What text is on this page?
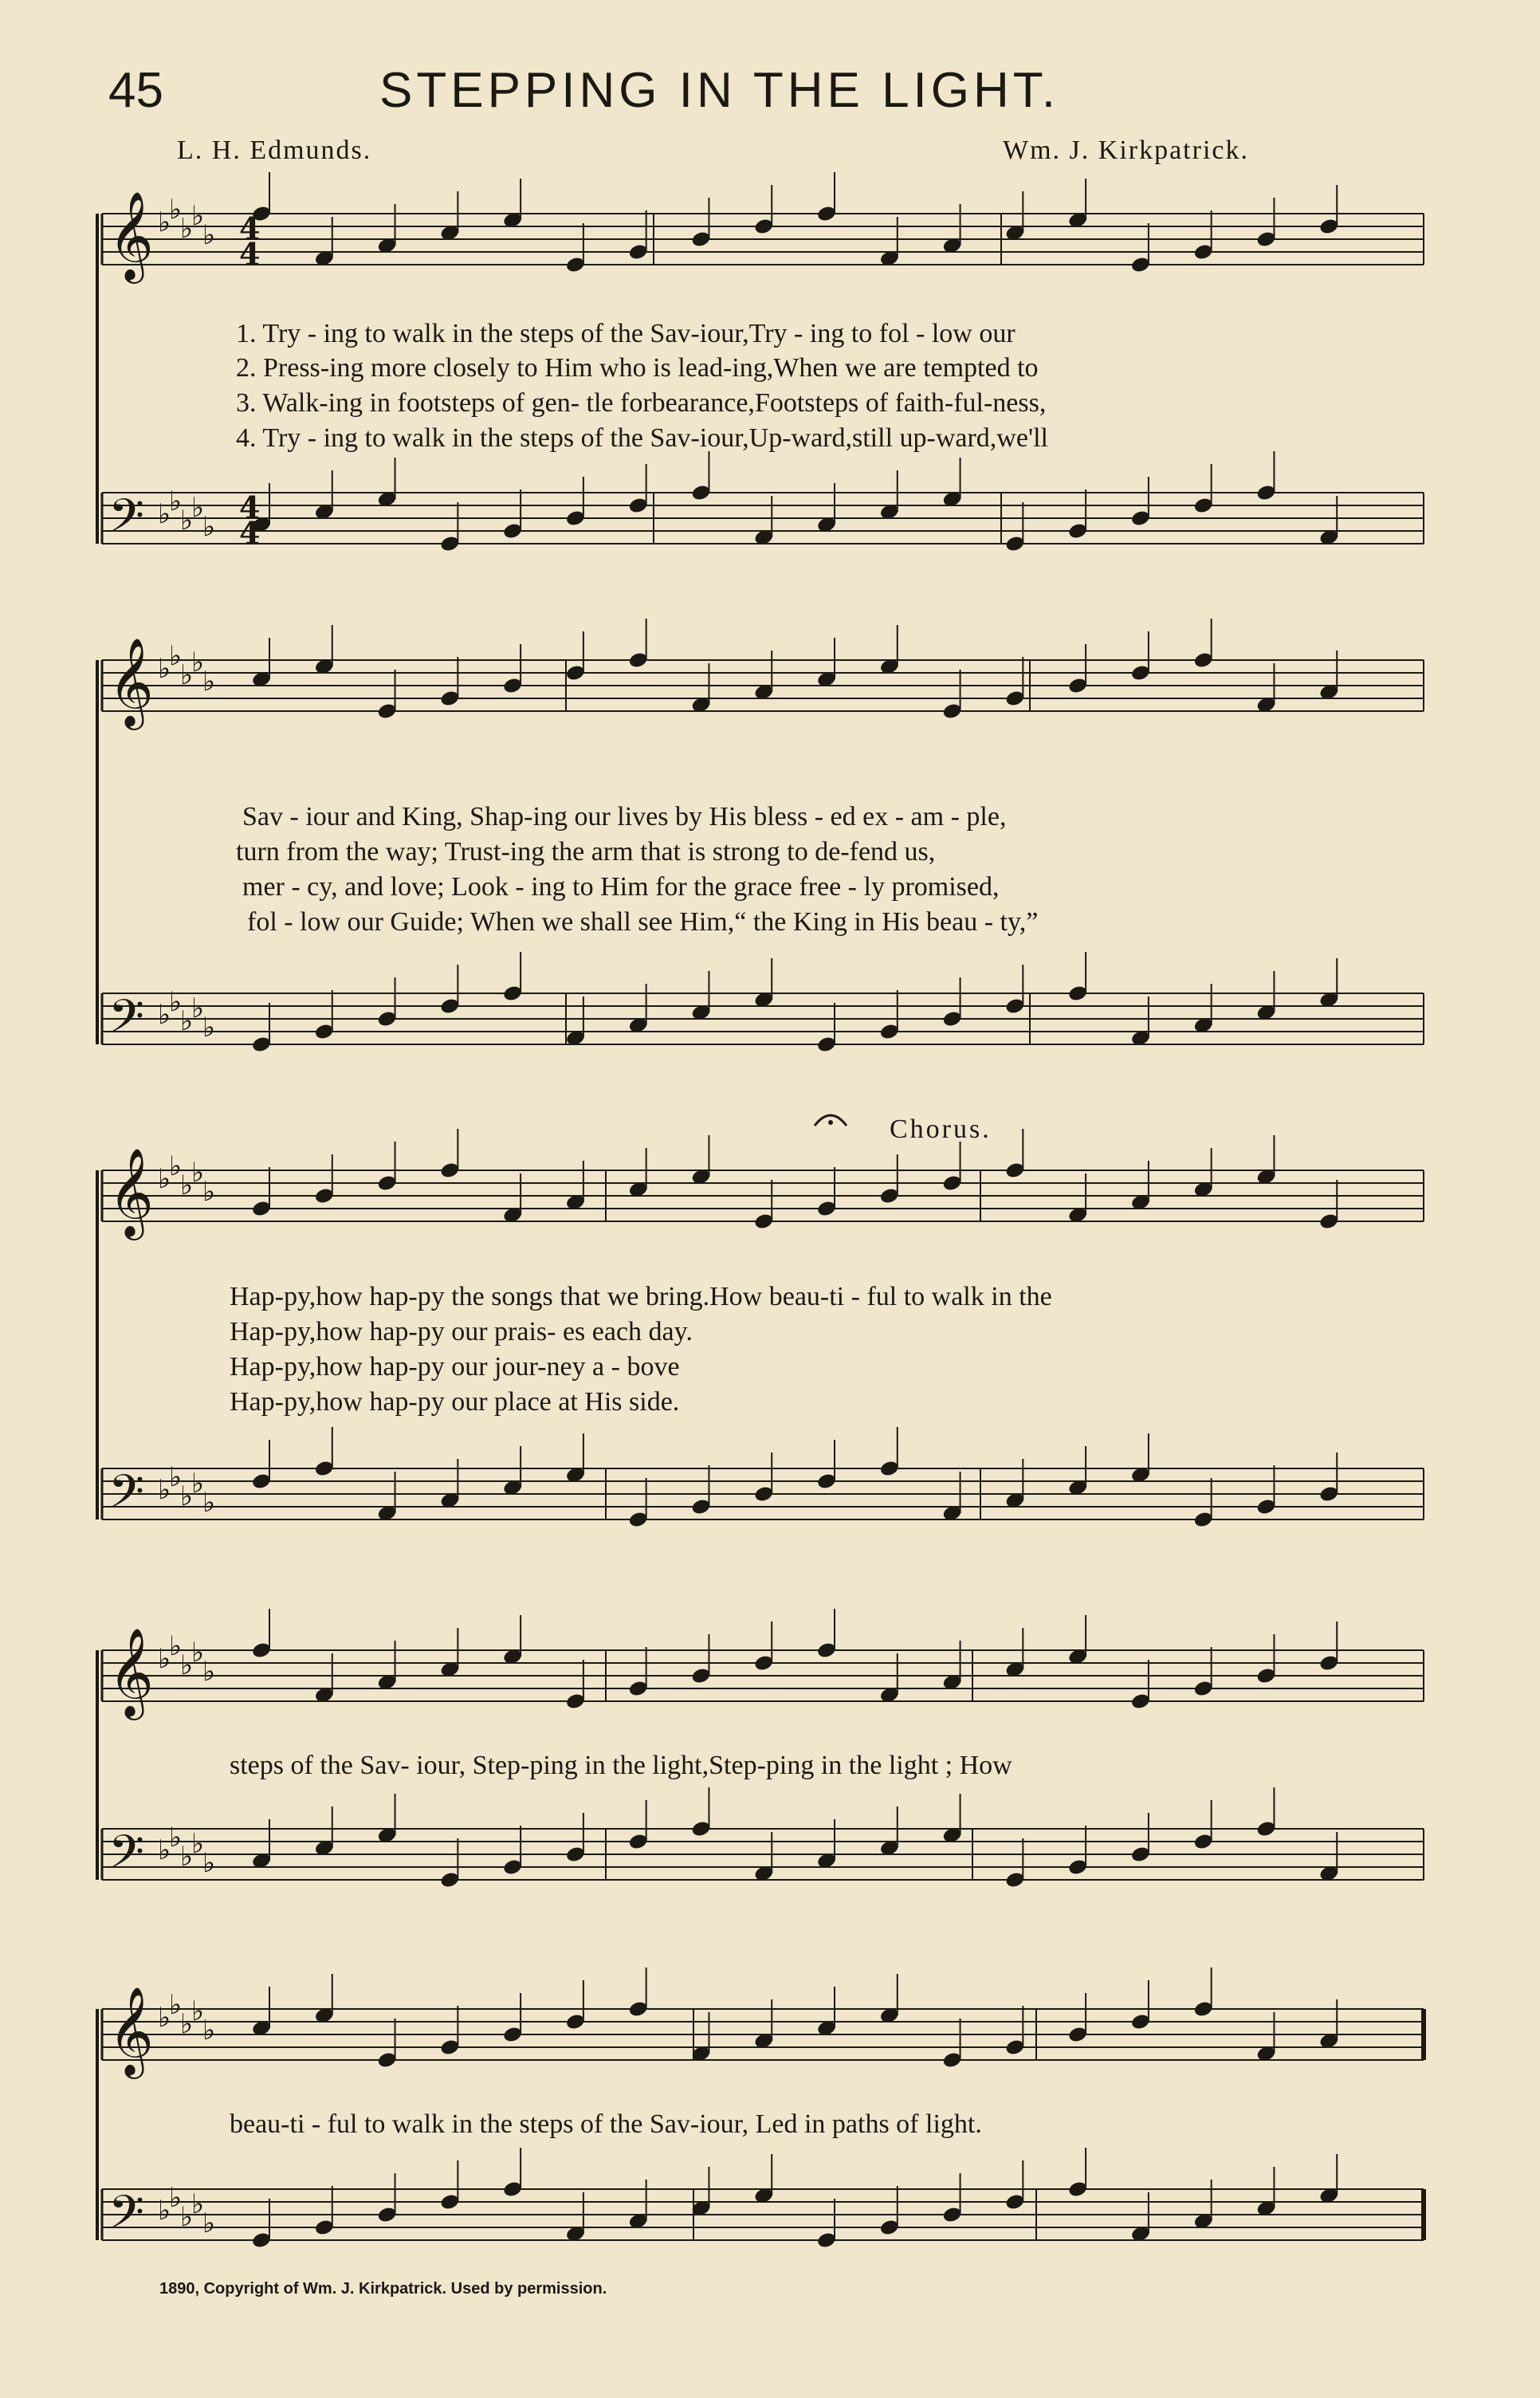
45	STEPPING IN THE LIGHT.
L. H. Edmunds.	Wm. J. Kirkpatrick.
Chorus.
𝄞 ♭
♭
♭
♭
♭
𝄢 ♭
♭
♭
♭
♭
𝄞 ♭
♭
♭
♭
♭
𝄢 ♭
♭
♭
♭
♭
𝄞 ♭
♭
♭
♭
♭
𝄢 ♭
♭
♭
♭
♭
𝄞 ♭
♭
♭
♭
♭
𝄢 ♭
♭
♭
♭
♭
𝄞 ♭
♭
♭
♭
♭
𝄢 ♭
♭
♭
♭
♭
4
4
4
4
1. Try - ing to walk in the steps of the Sav-iour,Try - ing to fol - low our
2. Press-ing more closely to Him who is lead-ing,When we are tempted to
3. Walk-ing in footsteps of gen- tle forbearance,Footsteps of faith-ful-ness,
4. Try - ing to walk in the steps of the Sav-iour,Up-ward,still up-ward,we'll
Sav - iour and King, Shap-ing our lives by His bless - ed ex - am - ple,
turn from the way; Trust-ing the arm that is strong to de-fend us,
mer - cy, and love; Look - ing to Him for the grace free - ly promised,
fol - low our Guide; When we shall see Him,“ the King in His beau - ty,”
Hap-py,how hap-py the songs that we bring.How beau-ti - ful to walk in the
Hap-py,how hap-py our prais- es each day.
Hap-py,how hap-py our jour-ney a - bove
Hap-py,how hap-py our place at His side.
steps of the Sav- iour, Step-ping in the light,Step-ping in the light ; How
beau-ti - ful to walk in the steps of the Sav-iour, Led in paths of light.
1890, Copyright of Wm. J. Kirkpatrick. Used by permission.
